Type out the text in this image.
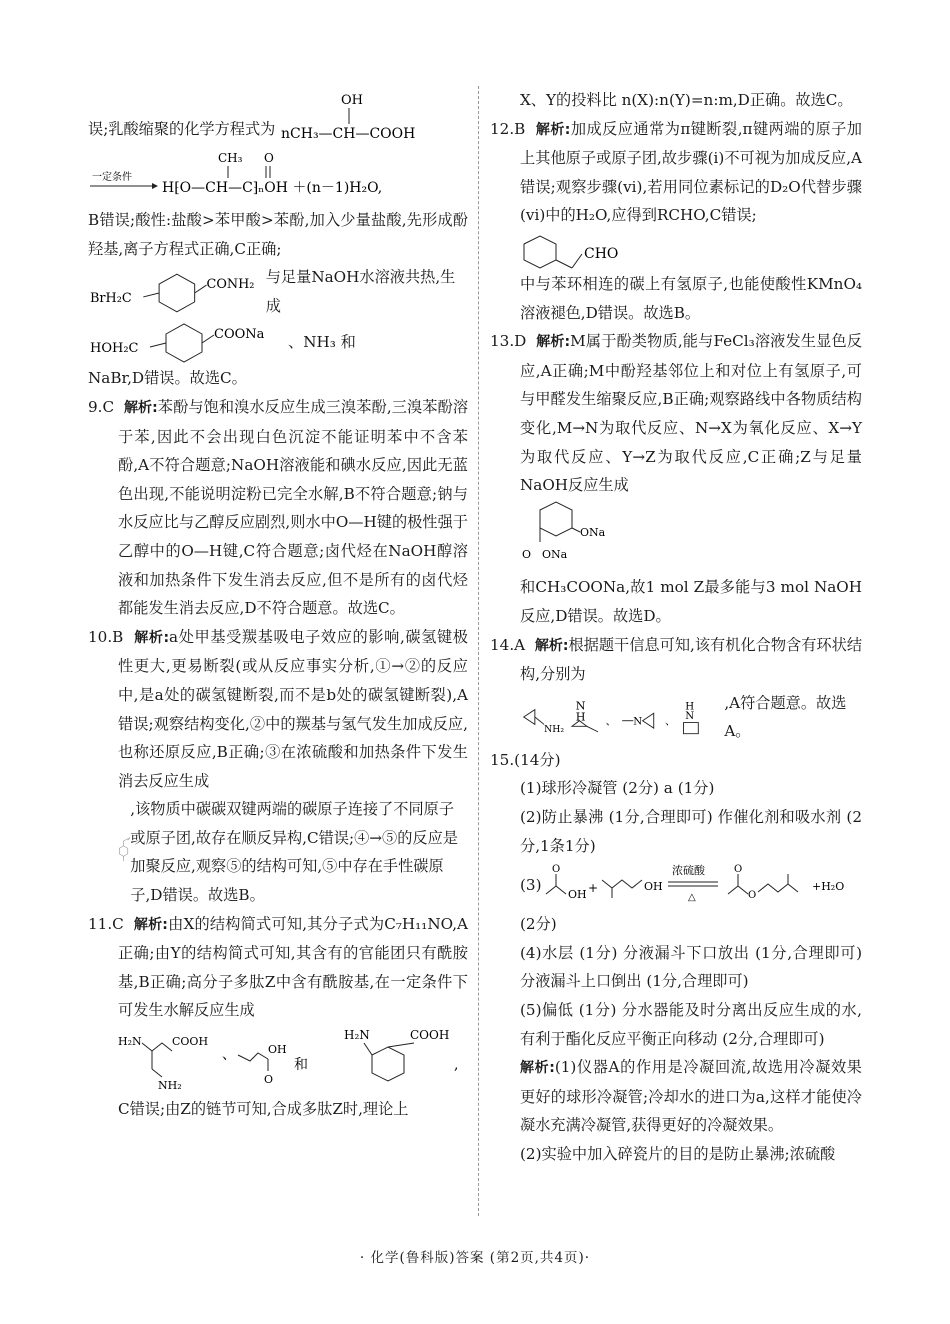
误;乳酸缩聚的化学方程式为
OH
nCH₃—CH—COOH
CH₃ O
一定条件
H⁅O—CH—C⁆ₙOH ＋(n－1)H₂O,

B错误;酸性:盐酸>苯甲酸>苯酚,加入少量盐酸,先形成酚羟基,离子方程式正确,C正确;

BrH₂C
CONH₂ 与足量NaOH水溶液共热,生成
HOH₂C
COONa 、NH₃ 和

NaBr,D错误。故选C。

9.C 解析:苯酚与饱和溴水反应生成三溴苯酚,三溴苯酚溶于苯,因此不会出现白色沉淀不能证明苯中不含苯酚,A不符合题意;NaOH溶液能和碘水反应,因此无蓝色出现,不能说明淀粉已完全水解,B不符合题意;钠与水反应比与乙醇反应剧烈,则水中O—H键的极性强于乙醇中的O—H键,C符合题意;卤代烃在NaOH醇溶液和加热条件下发生消去反应,但不是所有的卤代烃都能发生消去反应,D不符合题意。故选C。

10.B 解析:a处甲基受羰基吸电子效应的影响,碳氢键极性更大,更易断裂(或从反应事实分析,①→②的反应中,是a处的碳氢键断裂,而不是b处的碳氢键断裂),A错误;观察结构变化,②中的羰基与氢气发生加成反应,也称还原反应,B正确;③在浓硫酸和加热条件下发生消去反应生成

,该物质中碳碳双键两端的碳原子连接了不同原子或原子团,故存在顺反异构,C错误;④→⑤的反应是加聚反应,观察⑤的结构可知,⑤中存在手性碳原子,D错误。故选B。

11.C 解析:由X的结构简式可知,其分子式为C₇H₁₁NO,A正确;由Y的结构简式可知,其含有的官能团只有酰胺基,B正确;高分子多肽Z中含有酰胺基,在一定条件下可发生水解反应生成

H₂N	COOH
NH₂
、	OH
O
和
H₂N	COOH
,

C错误;由Z的链节可知,合成多肽Z时,理论上

X、Y的投料比 n(X):n(Y)=n:m,D正确。故选C。

12.B 解析:加成反应通常为π键断裂,π键两端的原子加上其他原子或原子团,故步骤(i)不可视为加成反应,A错误;观察步骤(vi),若用同位素标记的D₂O代替步骤(vi)中的H₂O,应得到RCHO,C错误;

CHO

中与苯环相连的碳上有氢原子,也能使酸性KMnO₄溶液褪色,D错误。故选B。

13.D 解析:M属于酚类物质,能与FeCl₃溶液发生显色反应,A正确;M中酚羟基邻位上和对位上有氢原子,可与甲醛发生缩聚反应,B正确;观察路线中各物质结构变化,M→N为取代反应、N→X为氧化反应、X→Y为取代反应、Y→Z为取代反应,C正确;Z与足量NaOH反应生成

ONa
O ONa

和CH₃COONa,故1 mol Z最多能与3 mol NaOH反应,D错误。故选D。

14.A 解析:根据题干信息可知,该有机化合物含有环状结构,分别为

NH₂
H
N
、 N 、
H
N
,A符合题意。故选A。

15.(14分)

(1)球形冷凝管 (2分) a (1分)

(2)防止暴沸 (1分,合理即可) 作催化剂和吸水剂 (2分,1条1分)

(3)
O
OH +	OH
浓硫酸
△
O
O
+H₂O

(2分)

(4)水层 (1分) 分液漏斗下口放出 (1分,合理即可) 分液漏斗上口倒出 (1分,合理即可)

(5)偏低 (1分) 分水器能及时分离出反应生成的水,有利于酯化反应平衡正向移动 (2分,合理即可)

解析:(1)仪器A的作用是冷凝回流,故选用冷凝效果更好的球形冷凝管;冷却水的进口为a,这样才能使冷凝水充满冷凝管,获得更好的冷凝效果。

(2)实验中加入碎瓷片的目的是防止暴沸;浓硫酸

· 化学(鲁科版)答案 (第2页,共4页)·
